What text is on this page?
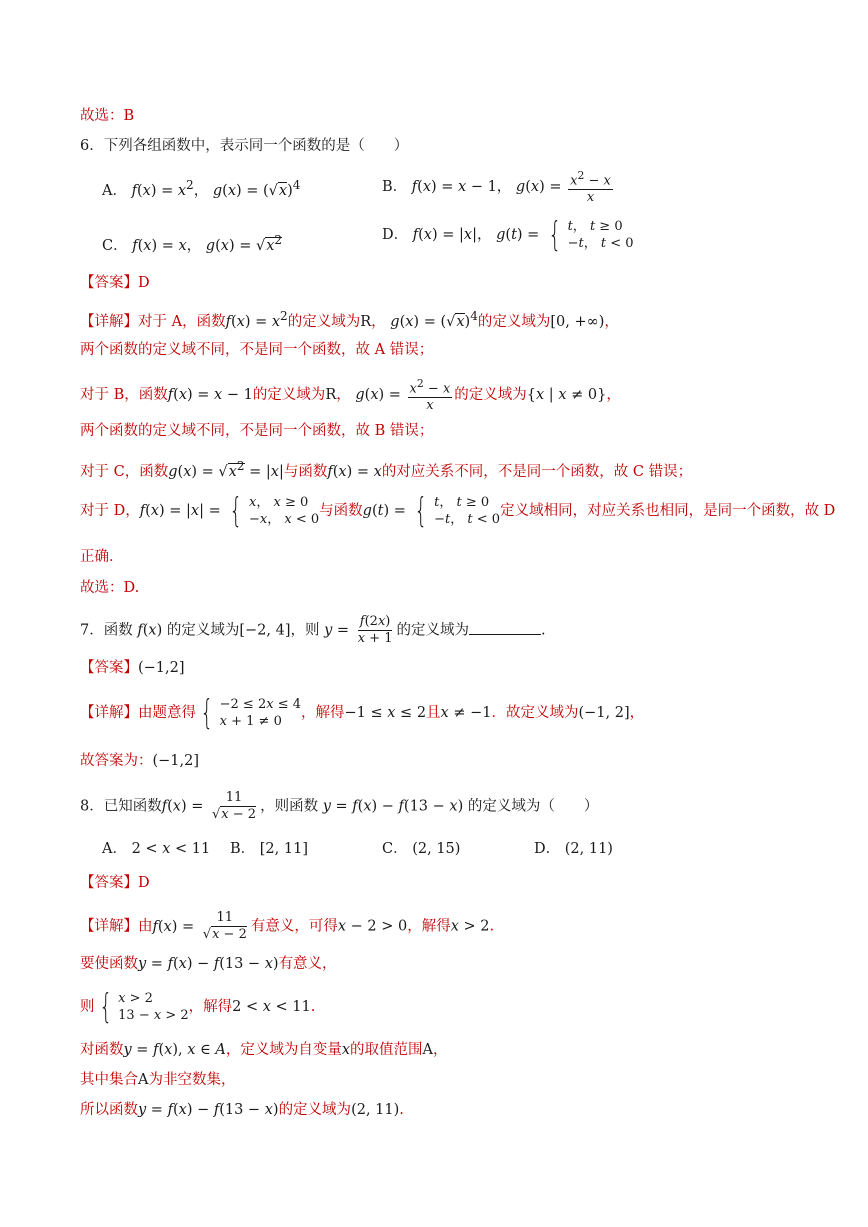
故选：B
6．下列各组函数中，表示同一个函数的是（　　）
A． $f(x) = x^2$， $g(x) = (√x)^4$	B． f(x) = x − 1， $g(x) = \frac{x^2 - x}{x}$
C． f(x) = x， $g(x) = √x^2$	D． f(x) = |x|， g(t) = { t， t ≥ 0
−t， t < 0
【答案】D
【详解】对于 A，函数$f(x) = x^2$的定义域为R， $g(x) = (√x)^4$的定义域为[0, +∞)，
两个函数的定义域不同，不是同一个函数，故 A 错误；
对于 B，函数f(x) = x − 1的定义域为R， $g(x) = \frac{x^2 - x}{x}$ 的定义域为{x | x ≠ 0}，
两个函数的定义域不同，不是同一个函数，故 B 错误；
对于 C，函数$g(x) = √x^2 = |x|$与函数f(x) = x的对应关系不同，不是同一个函数，故 C 错误；
对于 D，f(x) = |x| = { x， x ≥ 0
−x， x < 0
与函数g(t) = { t， t ≥ 0
−t， t < 0
定义域相同，对应关系也相同，是同一个函数，故 D
正确．
故选：D.
7．函数 f(x) 的定义域为[−2, 4]，则 $y = \frac{f(2x)}{x + 1}$ 的定义域为	.
【答案】(−1,2]
【详解】由题意得 { −2 ≤ 2x ≤ 4
x + 1 ≠ 0
，解得−1 ≤ x ≤ 2且x ≠ −1．故定义域为(−1, 2]，
故答案为：(−1,2]
8．已知函数$f(x) = \frac{11}{√x - 2}$ ，则函数 y = f(x) − f(13 − x) 的定义域为（　　）
A． 2 < x < 11 B． [2, 11]	C． (2, 15)	D． (2, 11)
【答案】D
【详解】由$f(x) = \frac{11}{√x - 2}$ 有意义，可得x − 2 > 0，解得x > 2.
要使函数y = f(x) − f(13 − x)有意义，
则 { x > 2
13 − x > 2
，解得2 < x < 11.
对函数y = f(x), x ∈ A，定义域为自变量x的取值范围A，
其中集合A为非空数集，
所以函数y = f(x) − f(13 − x)的定义域为(2, 11).
